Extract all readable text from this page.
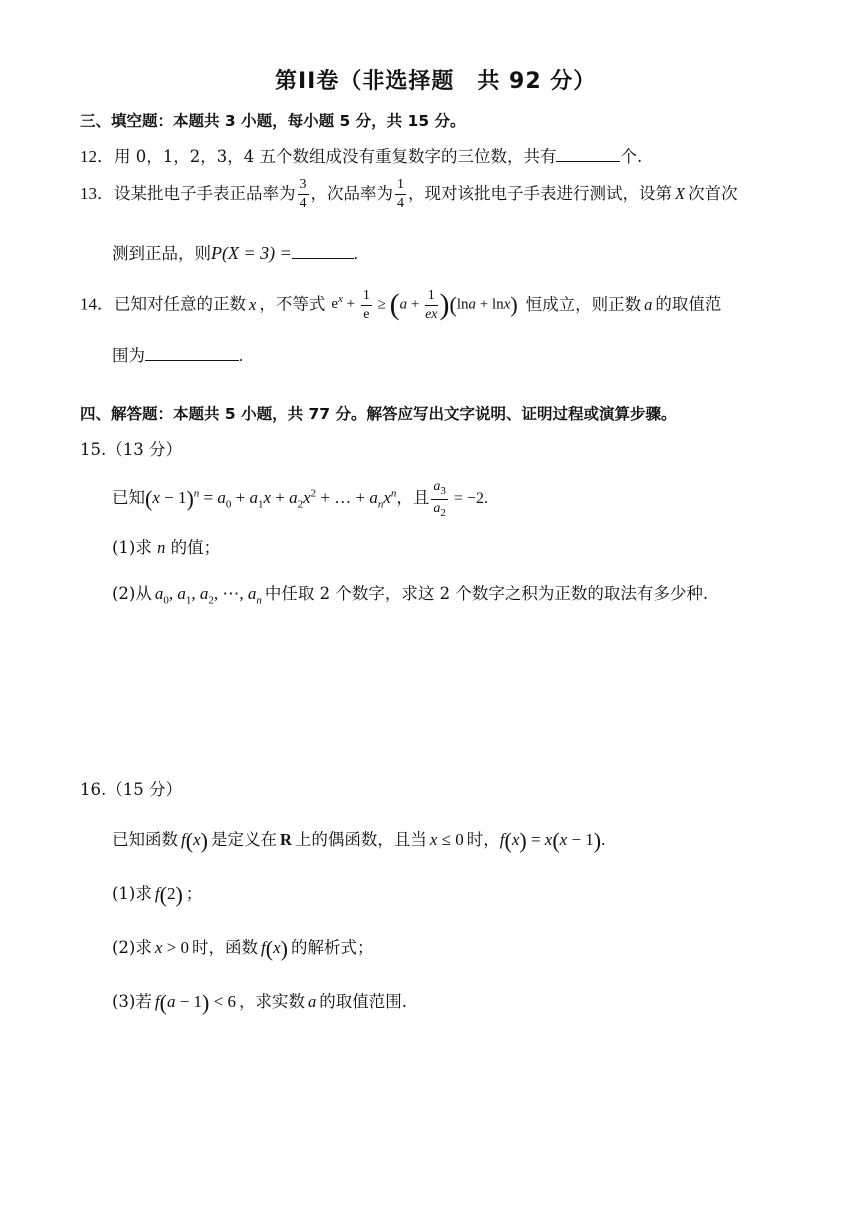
第II卷（非选择题　共 92 分）
三、填空题：本题共 3 小题，每小题 5 分，共 15 分。
12．用 0，1，2，3，4 五个数组成没有重复数字的三位数，共有	个.
13．设某批电子手表正品率为 $\frac{3}{4}$ ，次品率为 $\frac{1}{4}$ ，现对该批电子手表进行测试，设第 X 次首次
测到正品，则P(X = 3) =	.
14．已知对任意的正数 x ，不等式 $e^x + \frac{1}{e} \ge (a + \frac{1}{ex} )(\ln a + \ln x)$ 恒成立，则正数 a 的取值范
围为	.
四、解答题：本题共 5 小题，共 77 分。解答应写出文字说明、证明过程或演算步骤。
15.（13 分）
已知$(x - 1)^n = a_0 + a_1x + a_2x^2$ + … + $a_nx^n$，且 $\frac{a_3}{a_2} = -2$.
(1)求 n 的值；
(2)从 $a_0$, $a_1$, $a_2$, ⋯, $a_n$ 中任取 2 个数字，求这 2 个数字之积为正数的取法有多少种.
16.（15 分）
已知函数 f(x) 是定义在 R 上的偶函数，且当 x ≤ 0 时，f(x) = x(x − 1).
(1)求 f(2) ；
(2)求 x > 0 时，函数 f(x) 的解析式；
(3)若 f(a − 1) < 6 ，求实数 a 的取值范围.
